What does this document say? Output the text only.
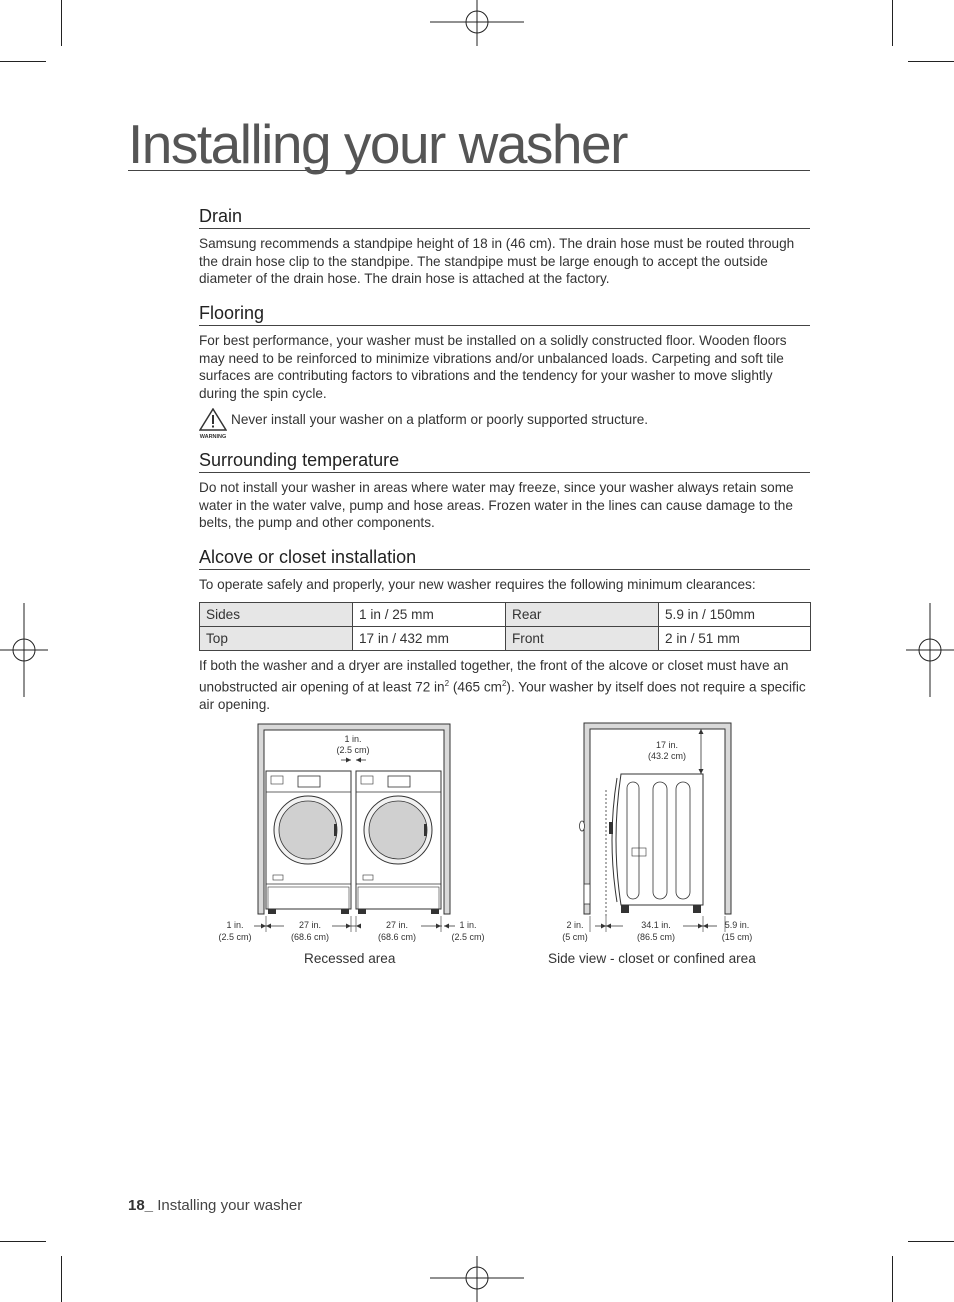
Installing your washer
Drain
Samsung recommends a standpipe height of 18 in (46 cm). The drain hose must be routed through the drain hose clip to the standpipe. The standpipe must be large enough to accept the outside diameter of the drain hose. The drain hose is attached at the factory.
Flooring
For best performance, your washer must be installed on a solidly constructed floor. Wooden floors may need to be reinforced to minimize vibrations and/or unbalanced loads. Carpeting and soft tile surfaces are contributing factors to vibrations and the tendency for your washer to move slightly during the spin cycle.
WARNING
Never install your washer on a platform or poorly supported structure.
Surrounding temperature
Do not install your washer in areas where water may freeze, since your washer always retain some water in the water valve, pump and hose areas. Frozen water in the lines can cause damage to the belts, the pump and other components.
Alcove or closet installation
To operate safely and properly, your new washer requires the following minimum clearances:
Sides	1 in / 25 mm	Rear	5.9 in / 150mm
Top	17 in / 432 mm	Front	2 in / 51 mm
If both the washer and a dryer are installed together, the front of the alcove or closet must have an unobstructed air opening of at least 72 $in^2$ (465 $cm^2$). Your washer by itself does not require a specific air opening.
1 in.
(2.5 cm)
1 in.
(2.5 cm)
27 in.
(68.6 cm)
27 in.
(68.6 cm)
1 in.
(2.5 cm)
Recessed area
17 in.
(43.2 cm)
2 in.
(5 cm)
34.1 in.
(86.5 cm)
5.9 in.
(15 cm)
Side view - closet or confined area
18_ Installing your washer
